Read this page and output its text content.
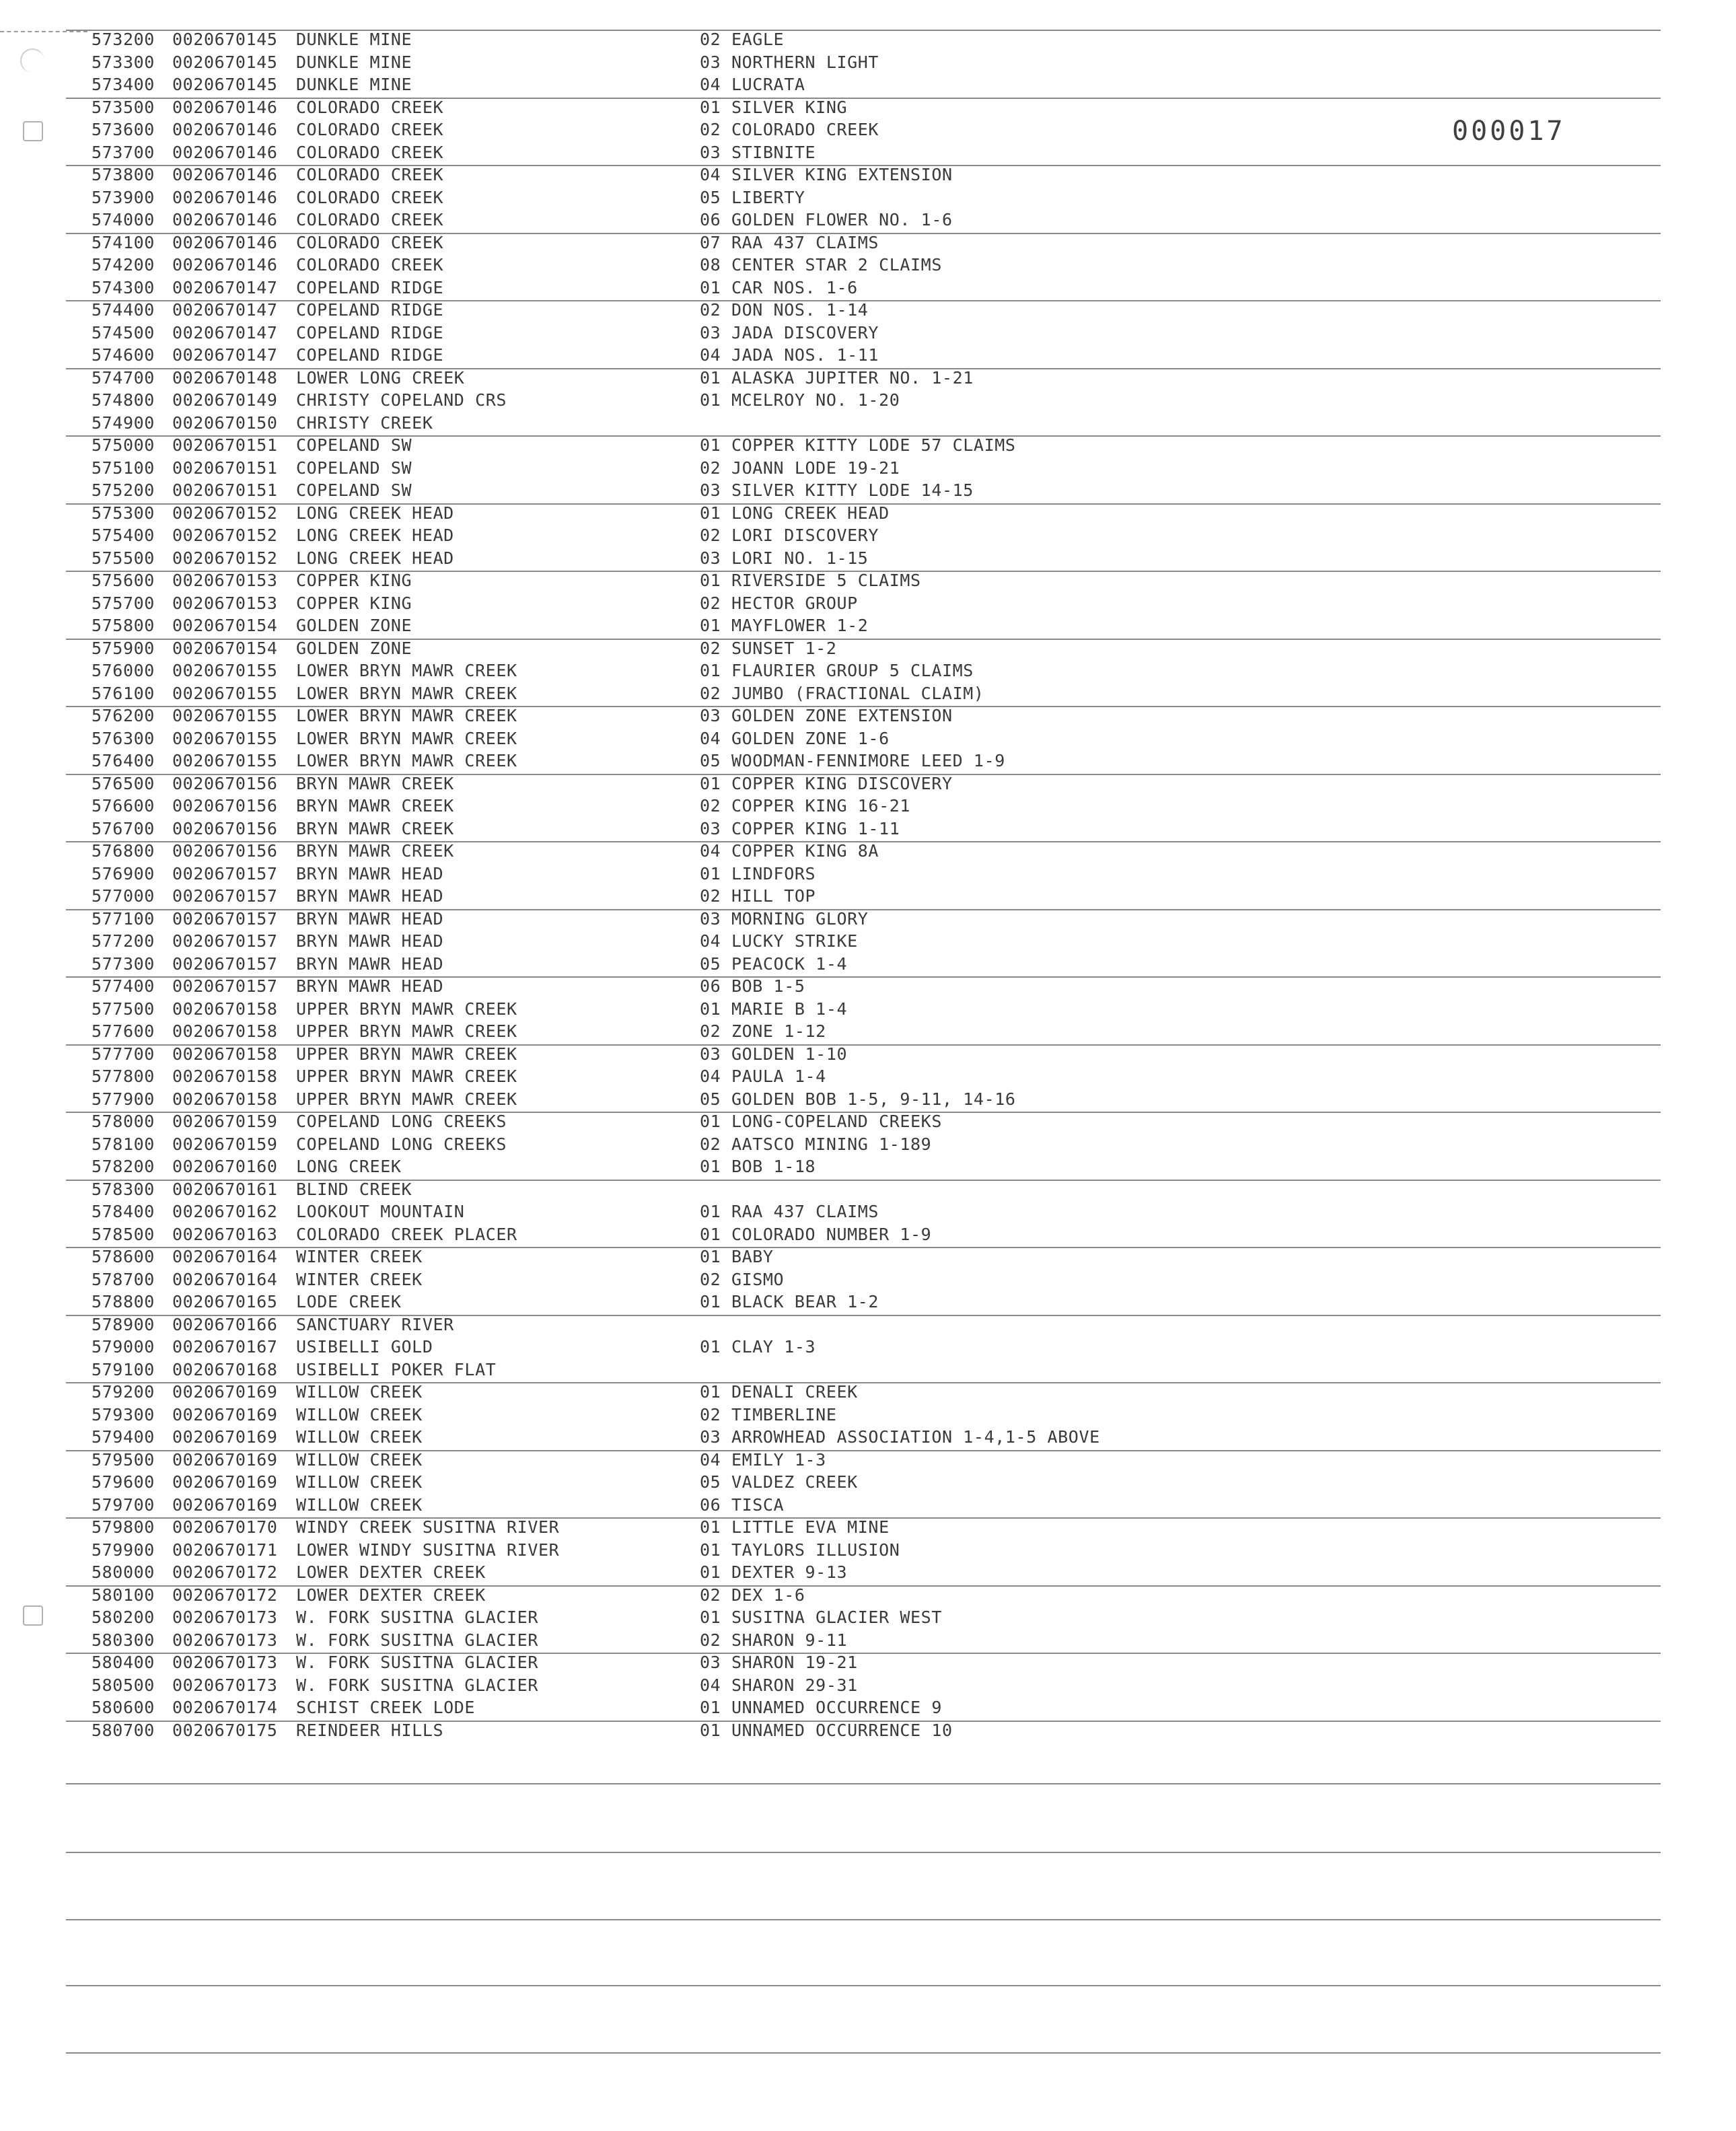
000017
573200	0020670145	DUNKLE MINE	02 EAGLE
573300	0020670145	DUNKLE MINE	03 NORTHERN LIGHT
573400	0020670145	DUNKLE MINE	04 LUCRATA
573500	0020670146	COLORADO CREEK	01 SILVER KING
573600	0020670146	COLORADO CREEK	02 COLORADO CREEK
573700	0020670146	COLORADO CREEK	03 STIBNITE
573800	0020670146	COLORADO CREEK	04 SILVER KING EXTENSION
573900	0020670146	COLORADO CREEK	05 LIBERTY
574000	0020670146	COLORADO CREEK	06 GOLDEN FLOWER NO. 1-6
574100	0020670146	COLORADO CREEK	07 RAA 437 CLAIMS
574200	0020670146	COLORADO CREEK	08 CENTER STAR 2 CLAIMS
574300	0020670147	COPELAND RIDGE	01 CAR NOS. 1-6
574400	0020670147	COPELAND RIDGE	02 DON NOS. 1-14
574500	0020670147	COPELAND RIDGE	03 JADA DISCOVERY
574600	0020670147	COPELAND RIDGE	04 JADA NOS. 1-11
574700	0020670148	LOWER LONG CREEK	01 ALASKA JUPITER NO. 1-21
574800	0020670149	CHRISTY COPELAND CRS	01 MCELROY NO. 1-20
574900	0020670150	CHRISTY CREEK
575000	0020670151	COPELAND SW	01 COPPER KITTY LODE 57 CLAIMS
575100	0020670151	COPELAND SW	02 JOANN LODE 19-21
575200	0020670151	COPELAND SW	03 SILVER KITTY LODE 14-15
575300	0020670152	LONG CREEK HEAD	01 LONG CREEK HEAD
575400	0020670152	LONG CREEK HEAD	02 LORI DISCOVERY
575500	0020670152	LONG CREEK HEAD	03 LORI NO. 1-15
575600	0020670153	COPPER KING	01 RIVERSIDE 5 CLAIMS
575700	0020670153	COPPER KING	02 HECTOR GROUP
575800	0020670154	GOLDEN ZONE	01 MAYFLOWER 1-2
575900	0020670154	GOLDEN ZONE	02 SUNSET 1-2
576000	0020670155	LOWER BRYN MAWR CREEK	01 FLAURIER GROUP 5 CLAIMS
576100	0020670155	LOWER BRYN MAWR CREEK	02 JUMBO (FRACTIONAL CLAIM)
576200	0020670155	LOWER BRYN MAWR CREEK	03 GOLDEN ZONE EXTENSION
576300	0020670155	LOWER BRYN MAWR CREEK	04 GOLDEN ZONE 1-6
576400	0020670155	LOWER BRYN MAWR CREEK	05 WOODMAN-FENNIMORE LEED 1-9
576500	0020670156	BRYN MAWR CREEK	01 COPPER KING DISCOVERY
576600	0020670156	BRYN MAWR CREEK	02 COPPER KING 16-21
576700	0020670156	BRYN MAWR CREEK	03 COPPER KING 1-11
576800	0020670156	BRYN MAWR CREEK	04 COPPER KING 8A
576900	0020670157	BRYN MAWR HEAD	01 LINDFORS
577000	0020670157	BRYN MAWR HEAD	02 HILL TOP
577100	0020670157	BRYN MAWR HEAD	03 MORNING GLORY
577200	0020670157	BRYN MAWR HEAD	04 LUCKY STRIKE
577300	0020670157	BRYN MAWR HEAD	05 PEACOCK 1-4
577400	0020670157	BRYN MAWR HEAD	06 BOB 1-5
577500	0020670158	UPPER BRYN MAWR CREEK	01 MARIE B 1-4
577600	0020670158	UPPER BRYN MAWR CREEK	02 ZONE 1-12
577700	0020670158	UPPER BRYN MAWR CREEK	03 GOLDEN 1-10
577800	0020670158	UPPER BRYN MAWR CREEK	04 PAULA 1-4
577900	0020670158	UPPER BRYN MAWR CREEK	05 GOLDEN BOB 1-5, 9-11, 14-16
578000	0020670159	COPELAND LONG CREEKS	01 LONG-COPELAND CREEKS
578100	0020670159	COPELAND LONG CREEKS	02 AATSCO MINING 1-189
578200	0020670160	LONG CREEK	01 BOB 1-18
578300	0020670161	BLIND CREEK
578400	0020670162	LOOKOUT MOUNTAIN	01 RAA 437 CLAIMS
578500	0020670163	COLORADO CREEK PLACER	01 COLORADO NUMBER 1-9
578600	0020670164	WINTER CREEK	01 BABY
578700	0020670164	WINTER CREEK	02 GISMO
578800	0020670165	LODE CREEK	01 BLACK BEAR 1-2
578900	0020670166	SANCTUARY RIVER
579000	0020670167	USIBELLI GOLD	01 CLAY 1-3
579100	0020670168	USIBELLI POKER FLAT
579200	0020670169	WILLOW CREEK	01 DENALI CREEK
579300	0020670169	WILLOW CREEK	02 TIMBERLINE
579400	0020670169	WILLOW CREEK	03 ARROWHEAD ASSOCIATION 1-4,1-5 ABOVE
579500	0020670169	WILLOW CREEK	04 EMILY 1-3
579600	0020670169	WILLOW CREEK	05 VALDEZ CREEK
579700	0020670169	WILLOW CREEK	06 TISCA
579800	0020670170	WINDY CREEK SUSITNA RIVER	01 LITTLE EVA MINE
579900	0020670171	LOWER WINDY SUSITNA RIVER	01 TAYLORS ILLUSION
580000	0020670172	LOWER DEXTER CREEK	01 DEXTER 9-13
580100	0020670172	LOWER DEXTER CREEK	02 DEX 1-6
580200	0020670173	W. FORK SUSITNA GLACIER	01 SUSITNA GLACIER WEST
580300	0020670173	W. FORK SUSITNA GLACIER	02 SHARON 9-11
580400	0020670173	W. FORK SUSITNA GLACIER	03 SHARON 19-21
580500	0020670173	W. FORK SUSITNA GLACIER	04 SHARON 29-31
580600	0020670174	SCHIST CREEK LODE	01 UNNAMED OCCURRENCE 9
580700	0020670175	REINDEER HILLS	01 UNNAMED OCCURRENCE 10
